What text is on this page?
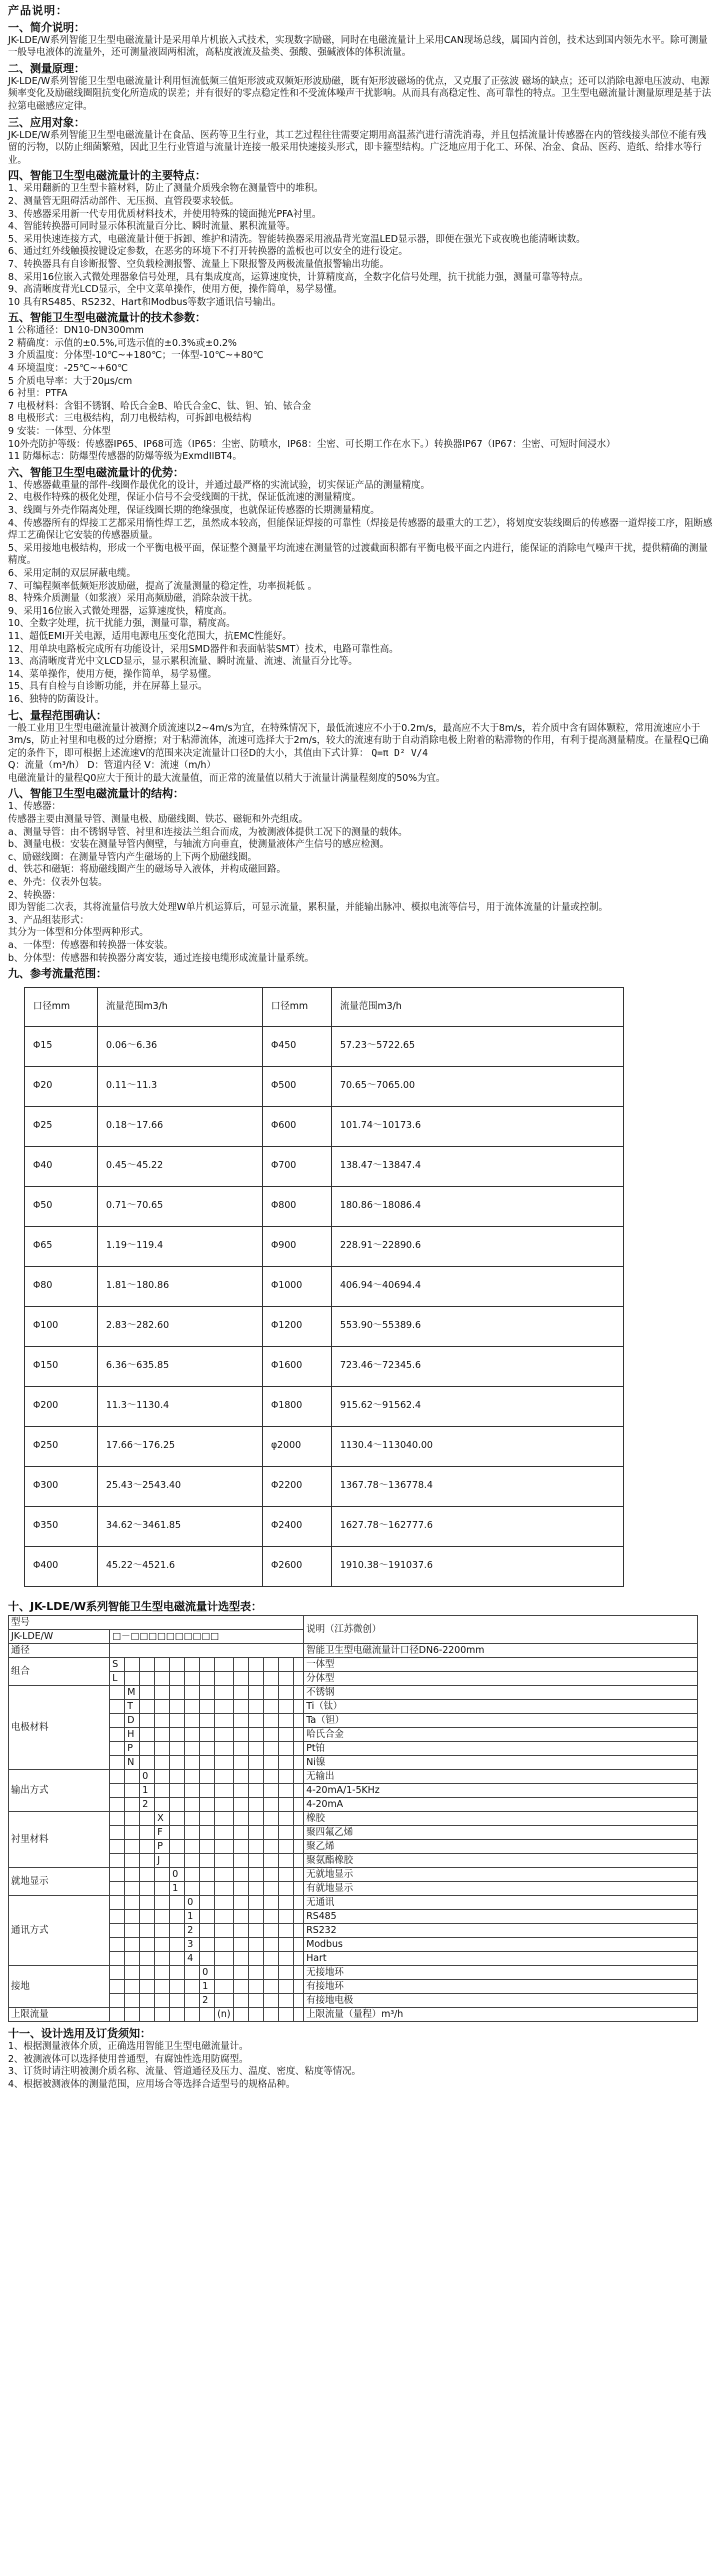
产品说明：
一、简介说明：

JK-LDE/W系列智能卫生型电磁流量计是采用单片机嵌入式技术，实现数字励磁，同时在电磁流量计上采用CAN现场总线，属国内首创，技术达到国内领先水平。除可测量一般导电液体的流量外，还可测量液固两相流，高粘度液流及盐类、强酸、强碱液体的体积流量。

二、测量原理：

JK-LDE/W系列智能卫生型电磁流量计利用恒流低频三值矩形波或双频矩形波励磁，既有矩形波磁场的优点，又克服了正弦波 磁场的缺点；还可以消除电源电压波动、电源频率变化及励磁线圈阻抗变化所造成的误差；并有很好的零点稳定性和不受流体噪声干扰影响。从而具有高稳定性、高可靠性的特点。卫生型电磁流量计测量原理是基于法拉第电磁感应定律。

三、应用对象：

JK-LDE/W系列智能卫生型电磁流量计在食品、医药等卫生行业，其工艺过程往往需要定期用高温蒸汽进行清洗消毒，并且包括流量计传感器在内的管线接头部位不能有残留的污物，以防止细菌繁殖，因此卫生行业管道与流量计连接一般采用快速接头形式，即卡箍型结构。广泛地应用于化工、环保、冶金、食品、医药、造纸、给排水等行业。

四、智能卫生型电磁流量计的主要特点：

1、采用翻新的卫生型卡箍材料，防止了测量介质残余物在测量管中的堆积。

2、测量管无阻碍活动部件、无压损、直管段要求较低。

3、传感器采用新一代专用优质材料技术，并使用特殊的镜面抛光PFA衬里。

4、智能转换器可同时显示体积流量百分比、瞬时流量、累积流量等。

5、采用快速连接方式，电磁流量计便于拆卸、维护和清洗。智能转换器采用液晶背光宽温LED显示器，即便在强光下或夜晚也能清晰读数。

6、通过红外线触摸按键设定参数，在恶劣的环境下不打开转换器的盖板也可以安全的进行设定。

7、转换器具有自诊断报警、空负载检测报警、流量上下限报警及两极流量值报警输出功能。

8、采用16位嵌入式微处理器象信号处理，具有集成度高，运算速度快，计算精度高，全数字化信号处理，抗干扰能力强，测量可靠等特点。

9、高清晰度背光LCD显示，全中文菜单操作，使用方便，操作简单，易学易懂。

10 具有RS485、RS232、Hart和Modbus等数字通讯信号输出。

五、智能卫生型电磁流量计的技术参数：

1 公称通径：DN10-DN300mm

2 精确度：示值的±0.5%,可选示值的±0.3%或±0.2%

3 介质温度：分体型-10℃~+180℃；一体型-10℃~+80℃

4 环境温度：-25℃~+60℃

5 介质电导率：大于20μs/cm

6 衬里：PTFA

7 电极材料：含钼不锈钢、哈氏合金B、哈氏合金C、钛、钽、铂、铱合金

8 电极形式：三电极结构，刮刀电极结构，可拆卸电极结构

9 安装：一体型、分体型

10外壳防护等级：传感器IP65、IP68可选（IP65：尘密、防喷水，IP68：尘密、可长期工作在水下。）转换器IP67（IP67：尘密、可短时间浸水）

11 防爆标志：防爆型传感器的防爆等级为ExmdIIBT4。

六、智能卫生型电磁流量计的优势：

1、传感器截重量的部件-线圈作最优化的设计，并通过最严格的实流试验，切实保证产品的测量精度。

2、电极作特殊的极化处理，保证小信号不会受线圈的干扰，保证低流速的测量精度。

3、线圈与外壳作隔离处理，保证线圈长期的绝缘强度，也就保证传感器的长期测量精度。

4、传感器所有的焊接工艺都采用惰性焊工艺，虽然成本较高，但能保证焊接的可靠性（焊接是传感器的最重大的工艺），将划度安装线圈后的传感器一道焊接工序，阻断感焊工艺确保让它安装的传感器质量。

5、采用接地电极结构，形成一个平衡电极平面，保证整个测量平均流速在测量管的过渡截面积都有平衡电极平面之内进行，能保证的消除电气噪声干扰，提供精确的测量精度。

6、采用定制的双层屏蔽电缆。

7、可编程频率低频矩形波励磁，提高了流量测量的稳定性，功率损耗低 。

8、特殊介质测量（如浆液）采用高频励磁，消除杂波干扰。

9、采用16位嵌入式微处理器，运算速度快，精度高。

10、全数字处理，抗干扰能力强，测量可靠，精度高。

11、超低EMI开关电源，适用电源电压变化范围大，抗EMC性能好。

12、用单块电路板完成所有功能设计，采用SMD器件和表面帖装SMT）技术，电路可靠性高。

13、高清晰度背光中文LCD显示，显示累积流量、瞬时流量、流速、流量百分比等。

14、菜单操作，使用方便，操作简单，易学易懂。

15、具有自检与自诊断功能，并在屏幕上显示。

16、独特的防菌设计。

七、量程范围确认：

一般工业用卫生型电磁流量计被测介质流速以2~4m/s为宜，在特殊情况下，最低流速应不小于0.2m/s，最高应不大于8m/s，若介质中含有固体颗粒，常用流速应小于3m/s，防止衬里和电极的过分磨擦；对于粘滞流体，流速可选择大于2m/s，较大的流速有助于自动消除电极上附着的粘滞物的作用，有利于提高测量精度。在量程Q已确定的条件下，即可根据上述流速V的范围来决定流量计口径D的大小，其值由下式计算： Q=π D² V/4

Q：流量（m³/h） D：管道内径 V：流速（m/h）

电磁流量计的量程Q0应大于预计的最大流量值，而正常的流量值以稍大于流量计满量程刻度的50%为宜。

八、智能卫生型电磁流量计的结构：

1、传感器：

传感器主要由测量导管、测量电极、励磁线圈、铁芯、磁轭和外壳组成。

a、测量导管：由不锈钢导管、衬里和连接法兰组合而成，为被测液体提供工况下的测量的载体。

b、测量电极：安装在测量导管内侧壁，与轴流方向垂直，使测量液体产生信号的感应检测。

c、励磁线圈：在测量导管内产生磁场的上下两个励磁线圈。

d、铁芯和磁轭：将励磁线圈产生的磁场导入液体，并构成磁回路。

e、外壳：仪表外包装。

2、转换器：

即为智能二次表，其将流量信号放大处理W单片机运算后，可显示流量，累积量，并能输出脉冲、模拟电流等信号，用于流体流量的计量或控制。

3、产品组装形式：

其分为一体型和分体型两种形式。

a、一体型：传感器和转换器一体安装。

b、分体型：传感器和转换器分离安装，通过连接电缆形成流量计量系统。

九、参考流量范围：
口径mm	流量范围m3/h	口径mm	流量范围m3/h
Φ15	0.06～6.36	Φ450	57.23～5722.65
Φ20	0.11～11.3	Φ500	70.65～7065.00
Φ25	0.18～17.66	Φ600	101.74～10173.6
Φ40	0.45～45.22	Φ700	138.47～13847.4
Φ50	0.71～70.65	Φ800	180.86～18086.4
Φ65	1.19～119.4	Φ900	228.91～22890.6
Φ80	1.81～180.86	Φ1000	406.94～40694.4
Φ100	2.83～282.60	Φ1200	553.90～55389.6
Φ150	6.36～635.85	Φ1600	723.46～72345.6
Φ200	11.3～1130.4	Φ1800	915.62～91562.4
Φ250	17.66～176.25	φ2000	1130.4～113040.00
Φ300	25.43～2543.40	Φ2200	1367.78～136778.4
Φ350	34.62～3461.85	Φ2400	1627.78～162777.6
Φ400	45.22～4521.6	Φ2600	1910.38～191037.6
十、JK-LDE/W系列智能卫生型电磁流量计选型表：
型号														说明（江苏微创）
JK-LDE/W	□－□□□□□□□□□□													
通径														智能卫生型电磁流量计口径DN6-2200mm
组合	S													一体型
	L													分体型
电极材料		M												不锈钢
		T												Ti（钛）
		D												Ta（钽）
		H												哈氏合金
		P												Pt铂
		N												Ni镍
输出方式			0											无输出
			1											4-20mA/1-5KHz
			2											4-20mA
衬里材料				X										橡胶
				F										聚四氟乙烯
				P										聚乙烯
				J										聚氨酯橡胶
就地显示					0									无就地显示
					1									有就地显示
通讯方式						0								无通讯
						1								RS485
						2								RS232
						3								Modbus
						4								Hart
接地							0							无接地环
							1							有接地环
							2							有接地电极
上限流量								(n)						上限流量（量程）m³/h
十一、设计选用及订货须知：

1、根据测量液体介质，正确选用智能卫生型电磁流量计。

2、被测液体可以选择使用普通型，有腐蚀性选用防腐型。

3、订货时请注明被测介质名称、流量、管道通径及压力、温度、密度、粘度等情况。

4、根据被测液体的测量范围，应用场合等选择合适型号的规格品种。
